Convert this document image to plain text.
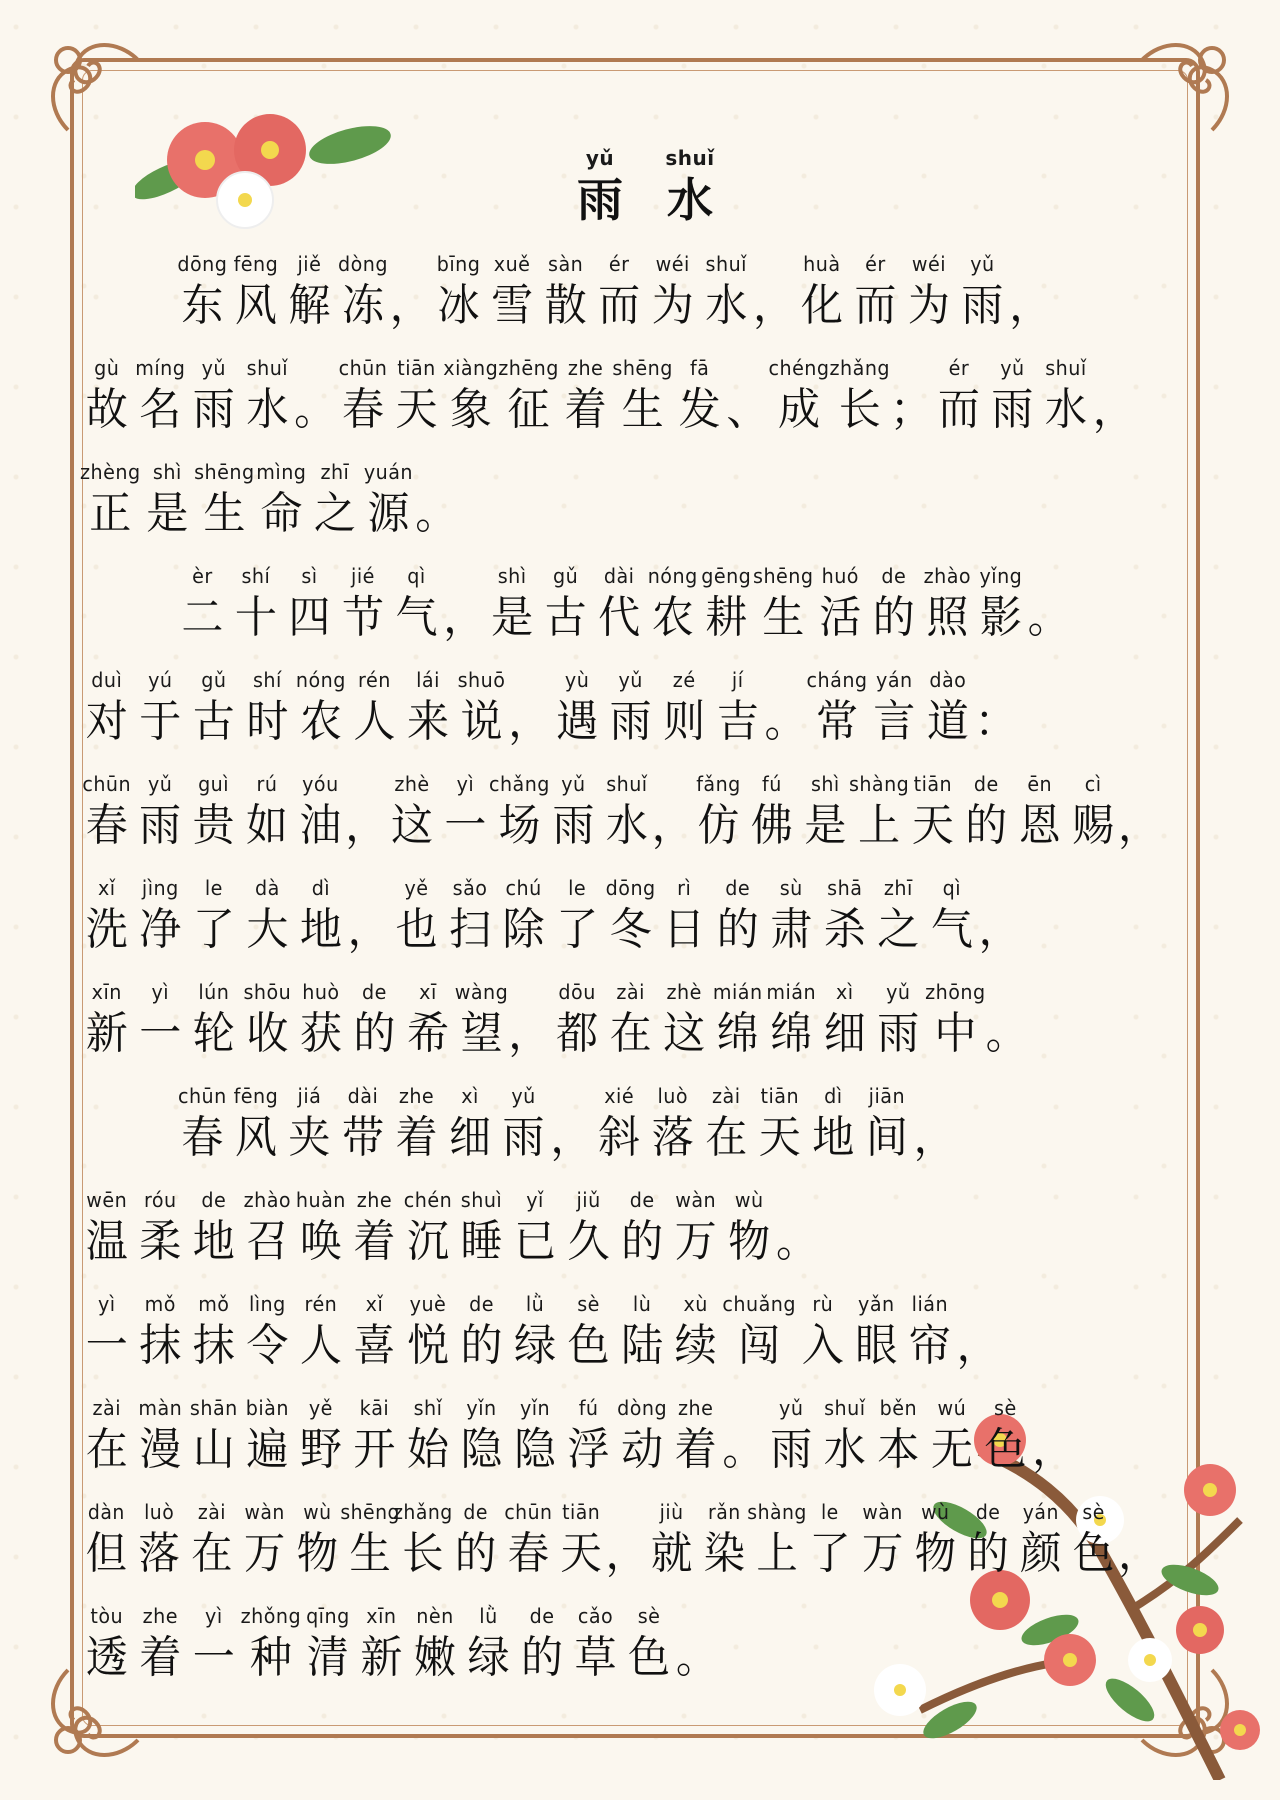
yǔ
雨
shuǐ
水
dōng
东
fēng
风
jiě
解
dòng
冻 ，
bīng
冰
xuě
雪
sàn
散
ér
而
wéi
为
shuǐ
水 ，
huà
化
ér
而
wéi
为
yǔ
雨 ，
gù
故
míng
名
yǔ
雨
shuǐ
水 。
chūn
春
tiān
天
xiàng
象
zhēng
征
zhe
着
shēng
生
fā
发 、
chéng
成
zhǎng
长 ；
ér
而
yǔ
雨
shuǐ
水 ，
zhèng
正
shì
是
shēng
生
mìng
命
zhī
之
yuán
源 。
èr
二
shí
十
sì
四
jié
节
qì
气 ，
shì
是
gǔ
古
dài
代
nóng
农
gēng
耕
shēng
生
huó
活
de
的
zhào
照
yǐng
影 。
duì
对
yú
于
gǔ
古
shí
时
nóng
农
rén
人
lái
来
shuō
说 ，
yù
遇
yǔ
雨
zé
则
jí
吉 。
cháng
常
yán
言
dào
道 ：
chūn
春
yǔ
雨
guì
贵
rú
如
yóu
油 ，
zhè
这
yì
一
chǎng
场
yǔ
雨
shuǐ
水 ，
fǎng
仿
fú
佛
shì
是
shàng
上
tiān
天
de
的
ēn
恩
cì
赐 ，
xǐ
洗
jìng
净
le
了
dà
大
dì
地 ，
yě
也
sǎo
扫
chú
除
le
了
dōng
冬
rì
日
de
的
sù
肃
shā
杀
zhī
之
qì
气 ，
xīn
新
yì
一
lún
轮
shōu
收
huò
获
de
的
xī
希
wàng
望 ，
dōu
都
zài
在
zhè
这
mián
绵
mián
绵
xì
细
yǔ
雨
zhōng
中 。
chūn
春
fēng
风
jiá
夹
dài
带
zhe
着
xì
细
yǔ
雨 ，
xié
斜
luò
落
zài
在
tiān
天
dì
地
jiān
间 ，
wēn
温
róu
柔
de
地
zhào
召
huàn
唤
zhe
着
chén
沉
shuì
睡
yǐ
已
jiǔ
久
de
的
wàn
万
wù
物 。
yì
一
mǒ
抹
mǒ
抹
lìng
令
rén
人
xǐ
喜
yuè
悦
de
的
lǜ
绿
sè
色
lù
陆
xù
续
chuǎng
闯
rù
入
yǎn
眼
lián
帘 ，
zài
在
màn
漫
shān
山
biàn
遍
yě
野
kāi
开
shǐ
始
yǐn
隐
yǐn
隐
fú
浮
dòng
动
zhe
着 。
yǔ
雨
shuǐ
水
běn
本
wú
无
sè
色 ，
dàn
但
luò
落
zài
在
wàn
万
wù
物
shēng
生
zhǎng
长
de
的
chūn
春
tiān
天 ，
jiù
就
rǎn
染
shàng
上
le
了
wàn
万
wù
物
de
的
yán
颜
sè
色 ，
tòu
透
zhe
着
yì
一
zhǒng
种
qīng
清
xīn
新
nèn
嫩
lǜ
绿
de
的
cǎo
草
sè
色 。
